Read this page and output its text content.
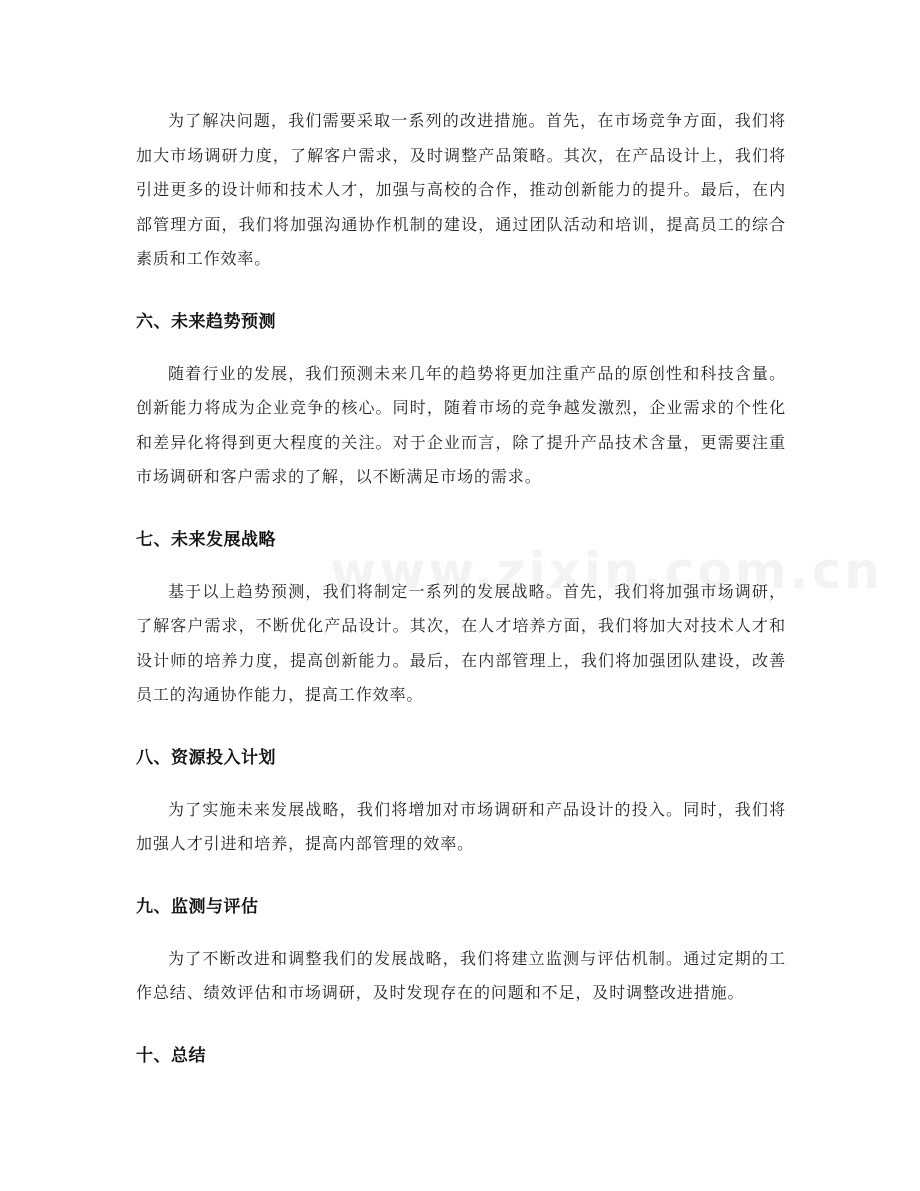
为了解决问题，我们需要采取一系列的改进措施。首先，在市场竞争方面，我们将加大市场调研力度，了解客户需求，及时调整产品策略。其次，在产品设计上，我们将引进更多的设计师和技术人才，加强与高校的合作，推动创新能力的提升。最后，在内部管理方面，我们将加强沟通协作机制的建设，通过团队活动和培训，提高员工的综合素质和工作效率。

六、未来趋势预测

随着行业的发展，我们预测未来几年的趋势将更加注重产品的原创性和科技含量。创新能力将成为企业竞争的核心。同时，随着市场的竞争越发激烈，企业需求的个性化和差异化将得到更大程度的关注。对于企业而言，除了提升产品技术含量，更需要注重市场调研和客户需求的了解，以不断满足市场的需求。

七、未来发展战略

基于以上趋势预测，我们将制定一系列的发展战略。首先，我们将加强市场调研，了解客户需求，不断优化产品设计。其次，在人才培养方面，我们将加大对技术人才和设计师的培养力度，提高创新能力。最后，在内部管理上，我们将加强团队建设，改善员工的沟通协作能力，提高工作效率。

八、资源投入计划

为了实施未来发展战略，我们将增加对市场调研和产品设计的投入。同时，我们将加强人才引进和培养，提高内部管理的效率。

九、监测与评估

为了不断改进和调整我们的发展战略，我们将建立监测与评估机制。通过定期的工作总结、绩效评估和市场调研，及时发现存在的问题和不足，及时调整改进措施。

十、总结
